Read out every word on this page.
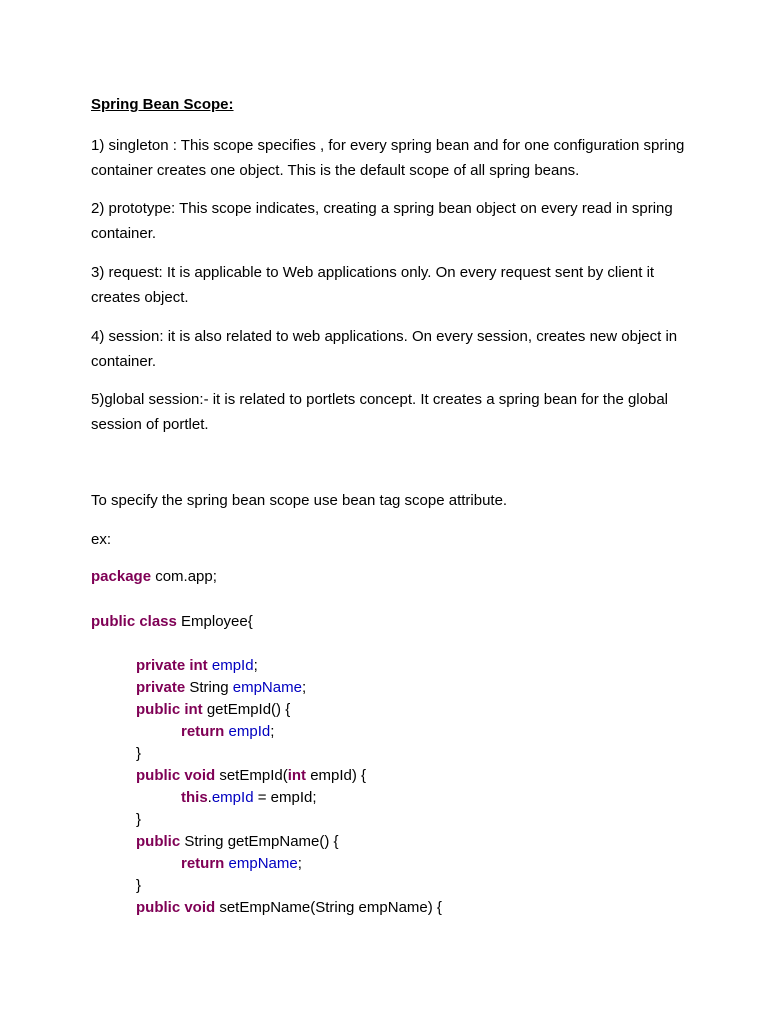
Spring Bean Scope:

1) singleton : This scope specifies , for every spring bean and for one configuration spring container creates one object. This is the default scope of all spring beans.

2) prototype: This scope indicates, creating a spring bean object on every read in spring container.

3) request: It is applicable to Web applications only. On every request sent by client it creates object.

4) session: it is also related to web applications. On every session, creates new object in container.

5)global session:- it is related to portlets concept. It creates a spring bean for the global session of portlet.

To specify the spring bean scope use bean tag scope attribute.

ex:

package com.app;

public class Employee{

private int empId;
private String empName;
public int getEmpId() {
return empId;
}
public void setEmpId(int empId) {
this.empId = empId;
}
public String getEmpName() {
return empName;
}
public void setEmpName(String empName) {
